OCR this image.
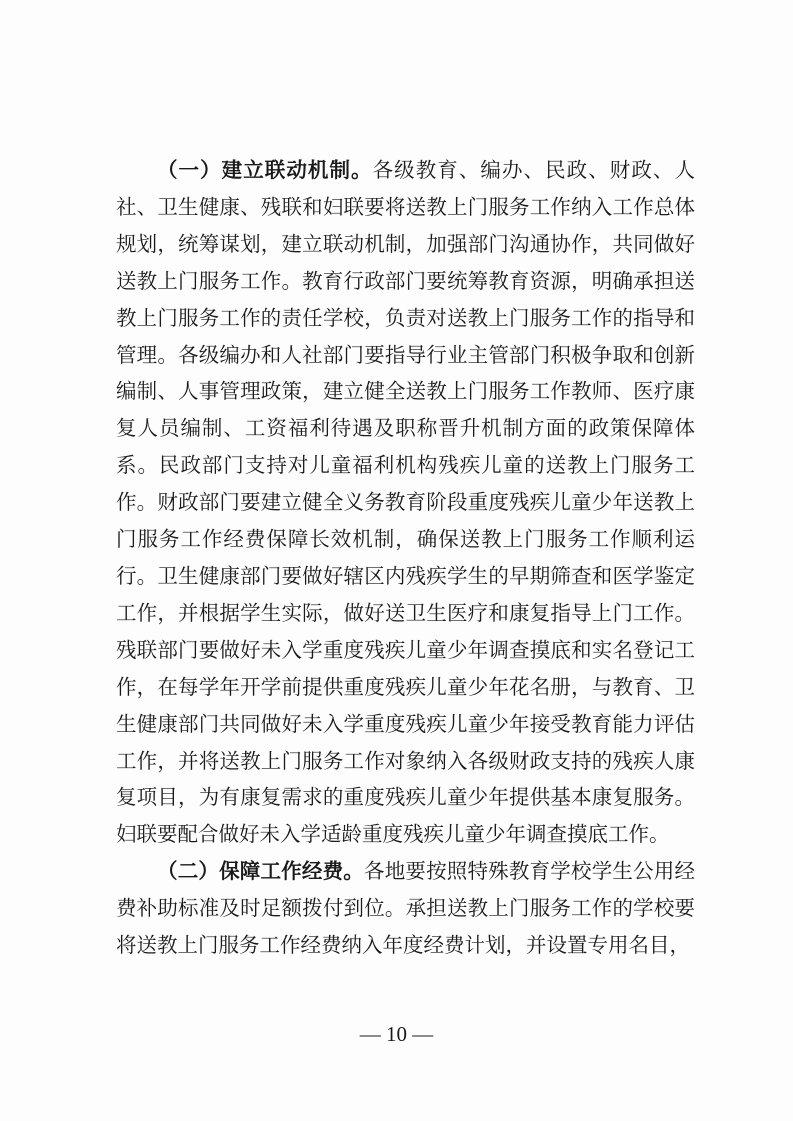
（一）建立联动机制。各级教育、编办、民政、财政、人社、卫生健康、残联和妇联要将送教上门服务工作纳入工作总体规划，统筹谋划，建立联动机制，加强部门沟通协作，共同做好送教上门服务工作。教育行政部门要统筹教育资源，明确承担送教上门服务工作的责任学校，负责对送教上门服务工作的指导和管理。各级编办和人社部门要指导行业主管部门积极争取和创新编制、人事管理政策，建立健全送教上门服务工作教师、医疗康复人员编制、工资福利待遇及职称晋升机制方面的政策保障体系。民政部门支持对儿童福利机构残疾儿童的送教上门服务工作。财政部门要建立健全义务教育阶段重度残疾儿童少年送教上门服务工作经费保障长效机制，确保送教上门服务工作顺利运行。卫生健康部门要做好辖区内残疾学生的早期筛查和医学鉴定工作，并根据学生实际，做好送卫生医疗和康复指导上门工作。残联部门要做好未入学重度残疾儿童少年调查摸底和实名登记工作，在每学年开学前提供重度残疾儿童少年花名册，与教育、卫生健康部门共同做好未入学重度残疾儿童少年接受教育能力评估工作，并将送教上门服务工作对象纳入各级财政支持的残疾人康复项目，为有康复需求的重度残疾儿童少年提供基本康复服务。妇联要配合做好未入学适龄重度残疾儿童少年调查摸底工作。

（二）保障工作经费。各地要按照特殊教育学校学生公用经费补助标准及时足额拨付到位。承担送教上门服务工作的学校要将送教上门服务工作经费纳入年度经费计划，并设置专用名目，

— 10 —
